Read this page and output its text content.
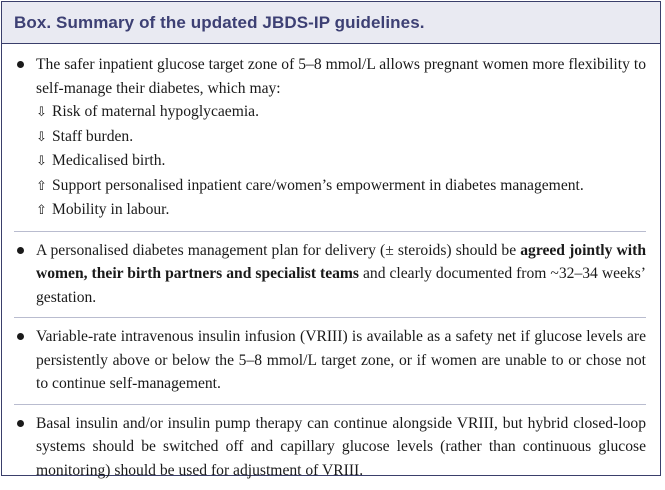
Box. Summary of the updated JBDS-IP guidelines.
The safer inpatient glucose target zone of 5–8 mmol/L allows pregnant women more flexibility to self-manage their diabetes, which may:
⇩ Risk of maternal hypoglycaemia.
⇩ Staff burden.
⇩ Medicalised birth.
⇧ Support personalised inpatient care/women’s empowerment in diabetes management.
⇧ Mobility in labour.
A personalised diabetes management plan for delivery (± steroids) should be agreed jointly with women, their birth partners and specialist teams and clearly documented from ~32–34 weeks’ gestation.
Variable-rate intravenous insulin infusion (VRIII) is available as a safety net if glucose levels are persistently above or below the 5–8 mmol/L target zone, or if women are unable to or chose not to continue self-management.
Basal insulin and/or insulin pump therapy can continue alongside VRIII, but hybrid closed-loop systems should be switched off and capillary glucose levels (rather than continuous glucose monitoring) should be used for adjustment of VRIII.
